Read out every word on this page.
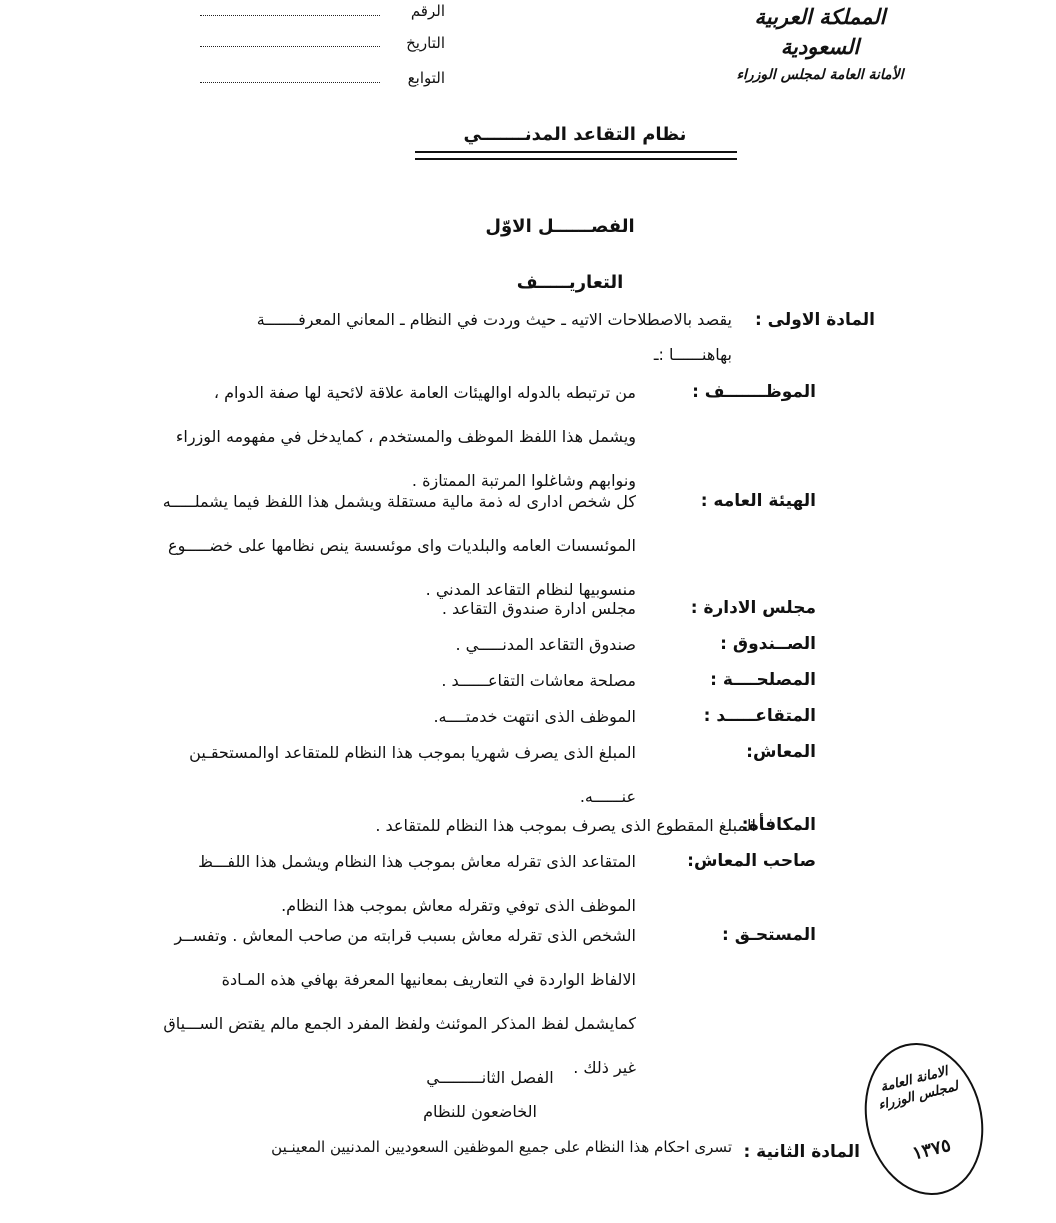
المملكة العربية السعودية
الأمانة العامة لمجلس الوزراء
الرقم
التاريخ
التوابع
نظام التقاعد المدنـــــــي
الفصــــــل الاوّل
التعاريـــــف
المادة الاولى :
يقصد بالاصطلاحات الاتيه ـ حيث وردت في النظام ـ المعاني المعرفـــــــة
بهاهنــــــا :ـ
الموظـــــــف :
من ترتبطه بالدوله اوالهيئات العامة علاقة لائحية لها صفة الدوام ،
ويشمل هذا اللفظ الموظف والمستخدم ، كمايدخل في مفهومه الوزراء
ونوابهم وشاغلوا المرتبة الممتازة .
الهيئة العامه :
كل شخص ادارى له ذمة مالية مستقلة ويشمل هذا اللفظ فيما يشملـــــه
الموئسسات العامه والبلديات واى موئسسة ينص نظامها على خضـــــوع
منسوبيها لنظام التقاعد المدني .
مجلس الادارة :
مجلس ادارة صندوق التقاعد .
الصــندوق :
صندوق التقاعد المدنـــــي .
المصلحــــة :
مصلحة معاشات التقاعــــــد .
المتقاعـــــد :
الموظف الذى انتهت خدمتــــه.
المعاش:
المبلغ الذى يصرف شهريا بموجب هذا النظام للمتقاعد اوالمستحقـين
عنــــــه.
المكافأة:
المبلغ المقطوع الذى يصرف بموجب هذا النظام للمتقاعد .
صاحب المعاش:
المتقاعد الذى تقرله معاش بموجب هذا النظام ويشمل هذا اللفـــظ
الموظف الذى توفي وتقرله معاش بموجب هذا النظام.
المستحـق :
الشخص الذى تقرله معاش بسبب قرابته من صاحب المعاش . وتفســر
الالفاظ الواردة في التعاريف بمعانيها المعرفة بهافي هذه المـادة
كمايشمل لفظ المذكر الموئنث ولفظ المفرد الجمع مالم يقتض الســـياق
غير ذلك .
الفصل الثانـــــــــي
الخاضعون للنظام
المادة الثانية :
تسرى احكام هذا النظام على جميع الموظفين السعوديين المدنيين المعينـين
الامانة العامة لمجلس الوزراء
١٣٧٥
